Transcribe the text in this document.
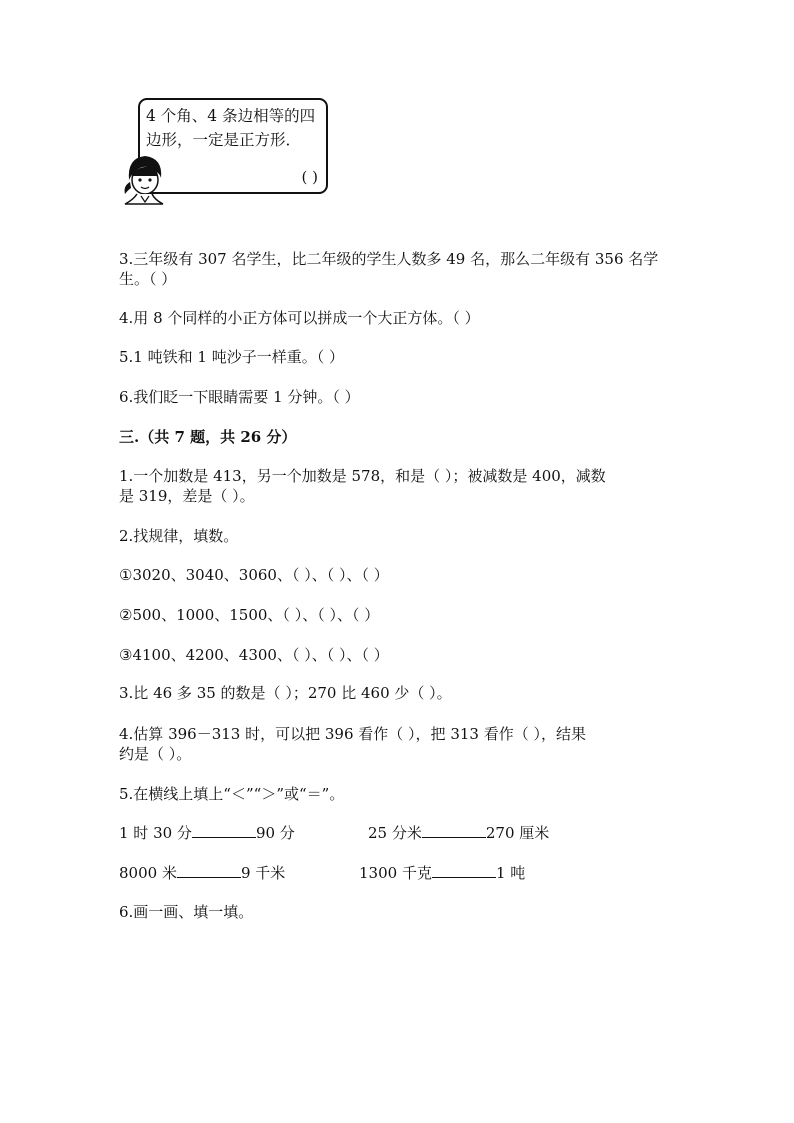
4 个角、4 条边相等的四边形，一定是正方形．
( )
3.三年级有 307 名学生，比二年级的学生人数多 49 名，那么二年级有 356 名学
生。（ ）
4.用 8 个同样的小正方体可以拼成一个大正方体。（ ）
5.1 吨铁和 1 吨沙子一样重。（ ）
6.我们眨一下眼睛需要 1 分钟。（ ）
三.（共 7 题，共 26 分）
1.一个加数是 413，另一个加数是 578，和是（ ）；被减数是 400，减数
是 319，差是（ ）。
2.找规律，填数。
①3020、3040、3060、（ ）、（ ）、（ ）
②500、1000、1500、（ ）、（ ）、（ ）
③4100、4200、4300、（ ）、（ ）、（ ）
3.比 46 多 35 的数是（ ）；270 比 460 少（ ）。
4.估算 396－313 时，可以把 396 看作（ ），把 313 看作（ ），结果
约是（ ）。
5.在横线上填上“＜”“＞”或“＝”。
1 时 30 分	90 分	25 分米	270 厘米
8000 米	9 千米	1300 千克	1 吨
6.画一画、填一填。
